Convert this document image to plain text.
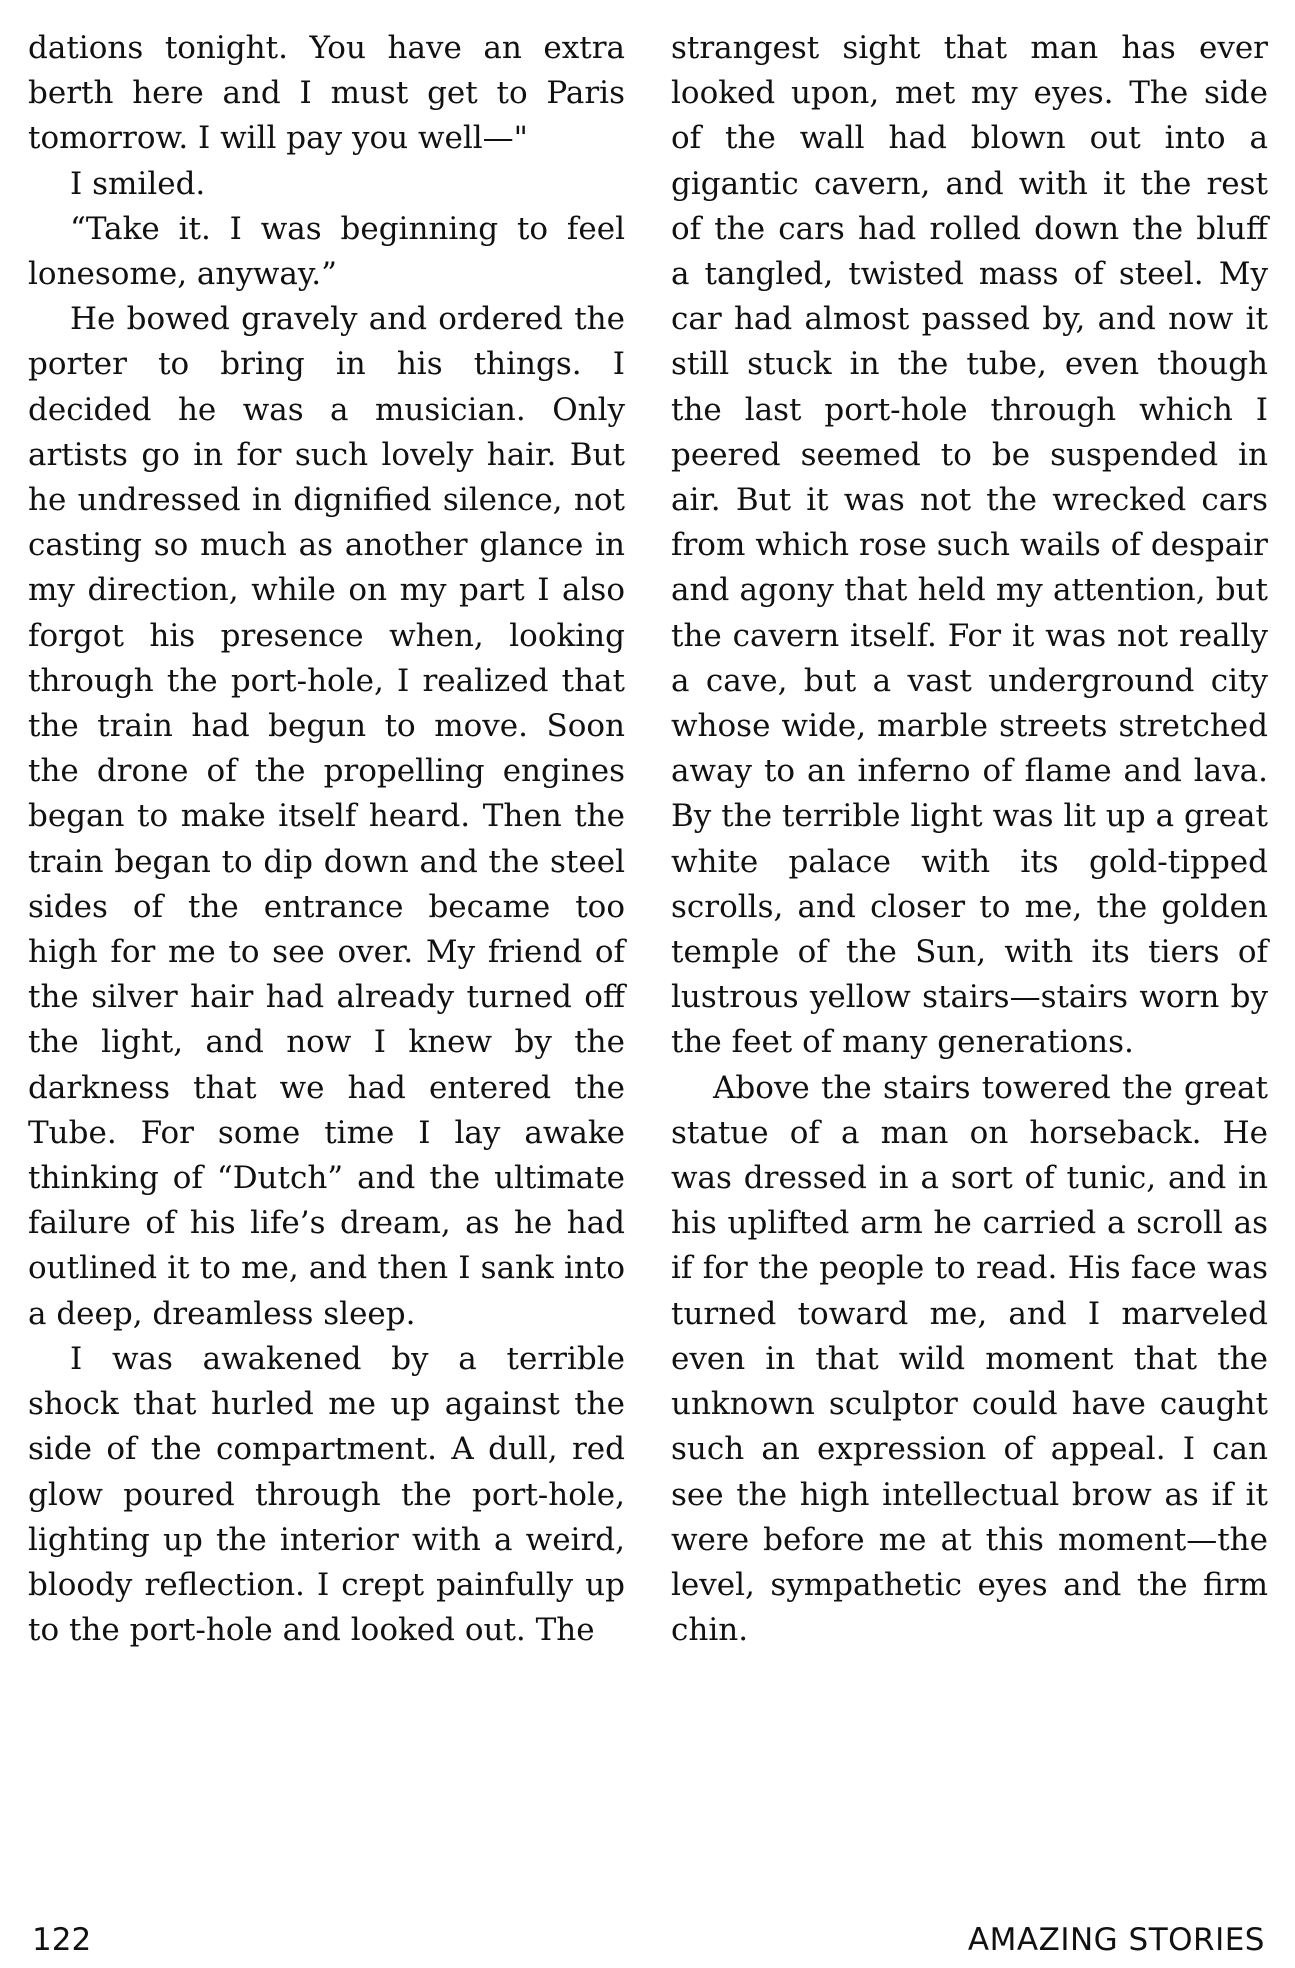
dations tonight. You have an extra berth here and I must get to Paris tomorrow. I will pay you well—"

I smiled.

“Take it. I was beginning to feel lonesome, anyway.”

He bowed gravely and ordered the porter to bring in his things. I decided he was a musician. Only artists go in for such lovely hair. But he undressed in dignified silence, not casting so much as another glance in my direction, while on my part I also forgot his presence when, looking through the port-hole, I realized that the train had begun to move. Soon the drone of the propelling engines began to make itself heard. Then the train began to dip down and the steel sides of the entrance became too high for me to see over. My friend of the silver hair had already turned off the light, and now I knew by the darkness that we had entered the Tube. For some time I lay awake thinking of “Dutch” and the ultimate failure of his life’s dream, as he had outlined it to me, and then I sank into a deep, dreamless sleep.

I was awakened by a terrible shock that hurled me up against the side of the compartment. A dull, red glow poured through the port-hole, lighting up the interior with a weird, bloody reflection. I crept painfully up to the port-hole and looked out. The

strangest sight that man has ever looked upon, met my eyes. The side of the wall had blown out into a gigantic cavern, and with it the rest of the cars had rolled down the bluff a tangled, twisted mass of steel. My car had almost passed by, and now it still stuck in the tube, even though the last port-hole through which I peered seemed to be suspended in air. But it was not the wrecked cars from which rose such wails of despair and agony that held my attention, but the cavern itself. For it was not really a cave, but a vast underground city whose wide, marble streets stretched away to an inferno of flame and lava. By the terrible light was lit up a great white palace with its gold-tipped scrolls, and closer to me, the golden temple of the Sun, with its tiers of lustrous yellow stairs—stairs worn by the feet of many generations.

Above the stairs towered the great statue of a man on horseback. He was dressed in a sort of tunic, and in his uplifted arm he carried a scroll as if for the people to read. His face was turned toward me, and I marveled even in that wild moment that the unknown sculptor could have caught such an expression of appeal. I can see the high intellectual brow as if it were before me at this moment—the level, sympathetic eyes and the firm chin.

122	AMAZING STORIES
